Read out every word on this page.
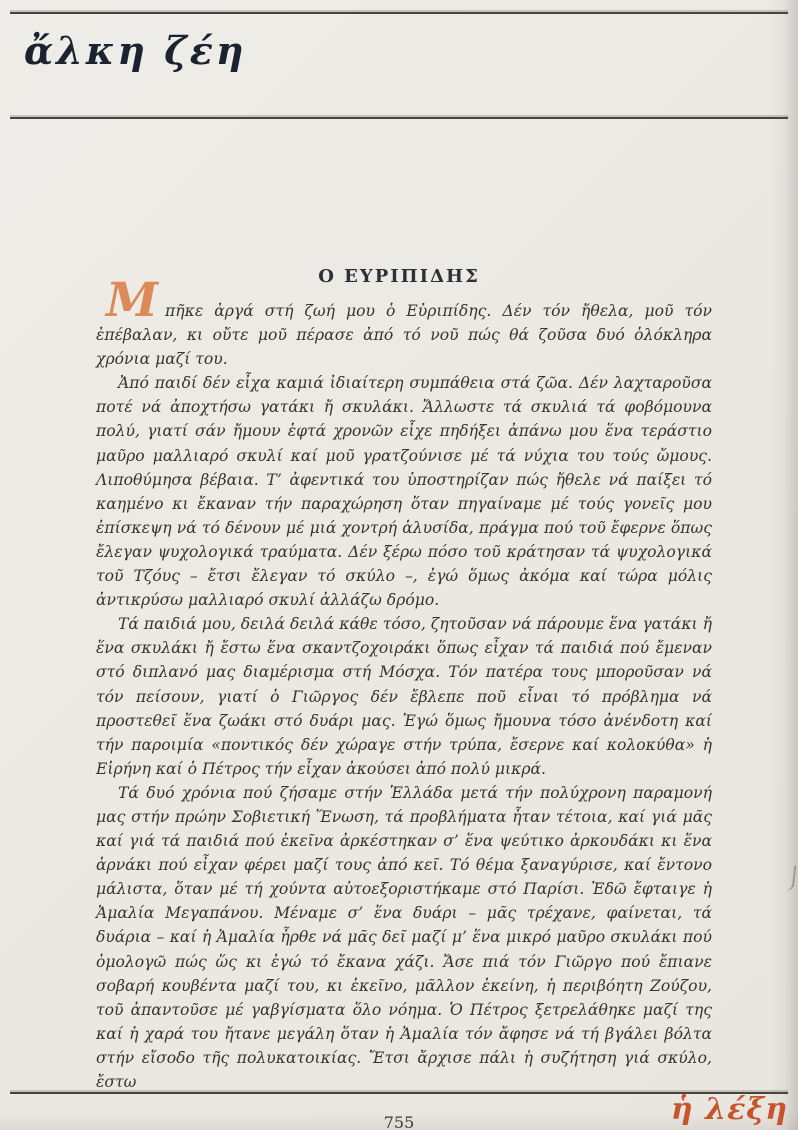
ἄλκη ζέη
Ο ΕΥΡΙΠΙΔΗΣ

Μπῆκε ἀργά στή ζωή μου ὁ Εὐριπίδης. Δέν τόν ἤθελα, μοῦ τόν ἐπέβαλαν, κι οὔτε μοῦ πέρασε ἀπό τό νοῦ πώς θά ζοῦσα δυό ὁλόκληρα χρόνια μαζί του.

Ἀπό παιδί δέν εἶχα καμιά ἰδιαίτερη συμπάθεια στά ζῶα. Δέν λαχταροῦσα ποτέ νά ἀποχτήσω γατάκι ἤ σκυλάκι. Ἄλλωστε τά σκυλιά τά φοβόμουνα πολύ, γιατί σάν ἤμουν ἑφτά χρονῶν εἶχε πηδήξει ἀπάνω μου ἕνα τεράστιο μαῦρο μαλλιαρό σκυλί καί μοῦ γρατζούνισε μέ τά νύχια του τούς ὤμους. Λιποθύμησα βέβαια. Τ’ ἀφεντικά του ὑποστηρίζαν πώς ἤθελε νά παίξει τό καημένο κι ἔκαναν τήν παραχώρηση ὅταν πηγαίναμε μέ τούς γονεῖς μου ἐπίσκεψη νά τό δένουν μέ μιά χοντρή ἁλυσίδα, πράγμα πού τοῦ ἔφερνε ὅπως ἔλεγαν ψυχολογικά τραύματα. Δέν ξέρω πόσο τοῦ κράτησαν τά ψυχολογικά τοῦ Τζόυς – ἔτσι ἔλεγαν τό σκύλο –, ἐγώ ὅμως ἀκόμα καί τώρα μόλις ἀντικρύσω μαλλιαρό σκυλί ἀλλάζω δρόμο.

Τά παιδιά μου, δειλά δειλά κάθε τόσο, ζητοῦσαν νά πάρουμε ἕνα γατάκι ἤ ἕνα σκυλάκι ἤ ἔστω ἕνα σκαντζοχοιράκι ὅπως εἶχαν τά παιδιά πού ἔμεναν στό διπλανό μας διαμέρισμα στή Μόσχα. Τόν πατέρα τους μποροῦσαν νά τόν πείσουν, γιατί ὁ Γιῶργος δέν ἔβλεπε ποῦ εἶναι τό πρόβλημα νά προστεθεῖ ἕνα ζωάκι στό δυάρι μας. Ἐγώ ὅμως ἤμουνα τόσο ἀνένδοτη καί τήν παροιμία «ποντικός δέν χώραγε στήν τρύπα, ἔσερνε καί κολοκύθα» ἡ Εἰρήνη καί ὁ Πέτρος τήν εἶχαν ἀκούσει ἀπό πολύ μικρά.

Τά δυό χρόνια πού ζήσαμε στήν Ἑλλάδα μετά τήν πολύχρονη παραμονή μας στήν πρώην Σοβιετική Ἕνωση, τά προβλήματα ἦταν τέτοια, καί γιά μᾶς καί γιά τά παιδιά πού ἐκεῖνα ἀρκέστηκαν σ’ ἕνα ψεύτικο ἀρκουδάκι κι ἕνα ἀρνάκι πού εἶχαν φέρει μαζί τους ἀπό κεῖ. Τό θέμα ξαναγύρισε, καί ἔντονο μάλιστα, ὅταν μέ τή χούντα αὐτοεξοριστήκαμε στό Παρίσι. Ἐδῶ ἔφταιγε ἡ Ἀμαλία Μεγαπάνου. Μέναμε σ’ ἕνα δυάρι – μᾶς τρέχανε, φαίνεται, τά δυάρια – καί ἡ Ἀμαλία ἦρθε νά μᾶς δεῖ μαζί μ’ ἕνα μικρό μαῦρο σκυλάκι πού ὁμολογῶ πώς ὥς κι ἐγώ τό ἔκανα χάζι. Ἄσε πιά τόν Γιῶργο πού ἔπιανε σοβαρή κουβέντα μαζί του, κι ἐκεῖνο, μᾶλλον ἐκείνη, ἡ περιβόητη Ζούζου, τοῦ ἀπαντοῦσε μέ γαβγίσματα ὅλο νόημα. Ὁ Πέτρος ξετρελάθηκε μαζί της καί ἡ χαρά του ἤτανε μεγάλη ὅταν ἡ Ἀμαλία τόν ἄφησε νά τή βγάλει βόλτα στήν εἴσοδο τῆς πολυκατοικίας. Ἔτσι ἄρχισε πάλι ἡ συζήτηση γιά σκύλο, ἔστω

755	ἡ λέξη
